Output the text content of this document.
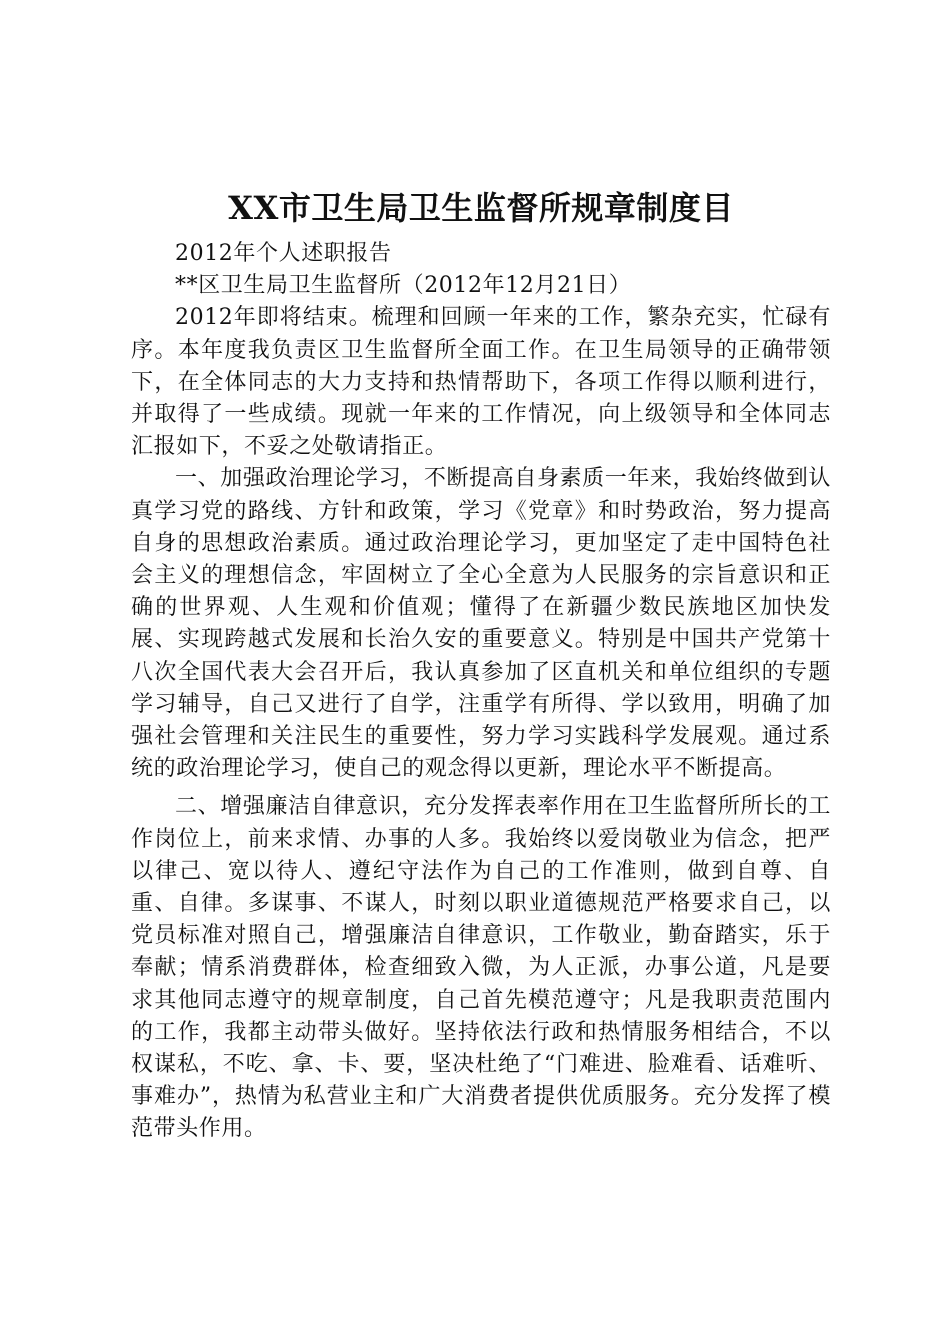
XX市卫生局卫生监督所规章制度目

2012年个人述职报告

**区卫生局卫生监督所（2012年12月21日）

2012年即将结束。梳理和回顾一年来的工作，繁杂充实，忙碌有序。本年度我负责区卫生监督所全面工作。在卫生局领导的正确带领下，在全体同志的大力支持和热情帮助下，各项工作得以顺利进行，并取得了一些成绩。现就一年来的工作情况，向上级领导和全体同志汇报如下，不妥之处敬请指正。

一、加强政治理论学习，不断提高自身素质一年来，我始终做到认真学习党的路线、方针和政策，学习《党章》和时势政治，努力提高自身的思想政治素质。通过政治理论学习，更加坚定了走中国特色社会主义的理想信念，牢固树立了全心全意为人民服务的宗旨意识和正确的世界观、人生观和价值观；懂得了在新疆少数民族地区加快发展、实现跨越式发展和长治久安的重要意义。特别是中国共产党第十八次全国代表大会召开后，我认真参加了区直机关和单位组织的专题学习辅导，自己又进行了自学，注重学有所得、学以致用，明确了加强社会管理和关注民生的重要性，努力学习实践科学发展观。通过系统的政治理论学习，使自己的观念得以更新，理论水平不断提高。

二、增强廉洁自律意识，充分发挥表率作用在卫生监督所所长的工作岗位上，前来求情、办事的人多。我始终以爱岗敬业为信念，把严以律己、宽以待人、遵纪守法作为自己的工作准则，做到自尊、自重、自律。多谋事、不谋人，时刻以职业道德规范严格要求自己，以党员标准对照自己，增强廉洁自律意识，工作敬业，勤奋踏实，乐于奉献；情系消费群体，检查细致入微，为人正派，办事公道，凡是要求其他同志遵守的规章制度，自己首先模范遵守；凡是我职责范围内的工作，我都主动带头做好。坚持依法行政和热情服务相结合，不以权谋私，不吃、拿、卡、要，坚决杜绝了“门难进、脸难看、话难听、事难办”，热情为私营业主和广大消费者提供优质服务。充分发挥了模范带头作用。
